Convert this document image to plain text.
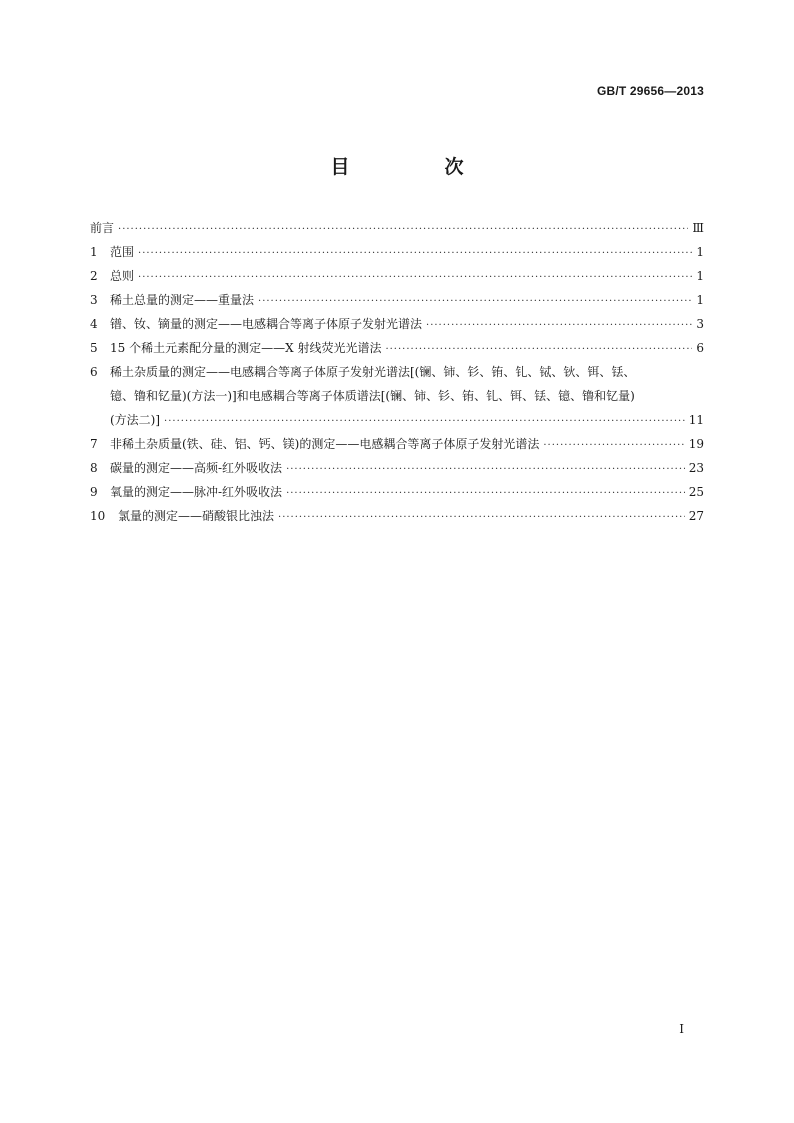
GB/T 29656—2013
目　次
前言 ·····	Ⅲ
1	范围 ·····	1
2	总则 ·····	1
3	稀土总量的测定——重量法 ·····	1
4	镨、钕、镝量的测定——电感耦合等离子体原子发射光谱法 ·····	3
5	15 个稀土元素配分量的测定——X 射线荧光光谱法 ·····	6
6	稀土杂质量的测定——电感耦合等离子体原子发射光谱法[(镧、铈、钐、铕、钆、铽、钬、铒、铥、
镱、镥和钇量)(方法一)]和电感耦合等离子体质谱法[(镧、铈、钐、铕、钆、铒、铥、镱、镥和钇量)
(方法二)] ·····	11
7	非稀土杂质量(铁、硅、铝、钙、镁)的测定——电感耦合等离子体原子发射光谱法 ·····	19
8	碳量的测定——高频-红外吸收法 ·····	23
9	氧量的测定——脉冲-红外吸收法 ·····	25
10	氯量的测定——硝酸银比浊法 ·····	27
I
